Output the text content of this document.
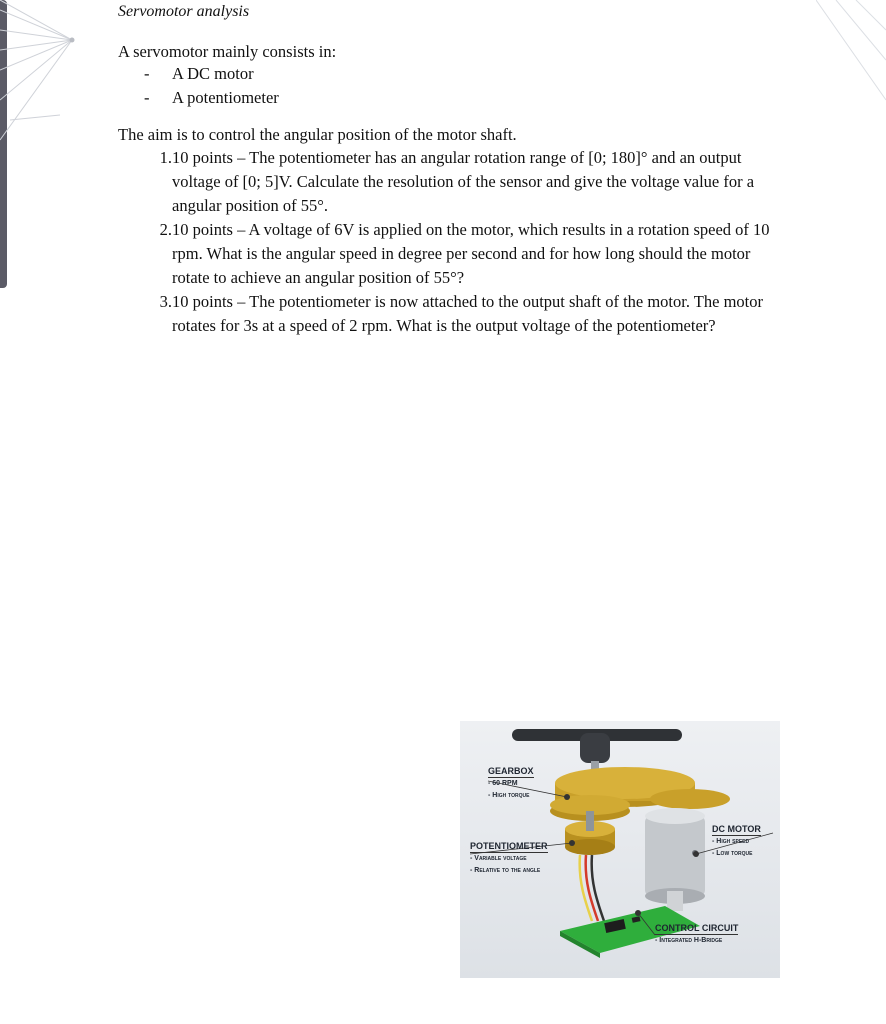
Servomotor analysis
A servomotor mainly consists in:
-	A DC motor
-	A potentiometer
The aim is to control the angular position of the motor shaft.
1. 10 points – The potentiometer has an angular rotation range of [0; 180]° and an output voltage of [0; 5]V. Calculate the resolution of the sensor and give the voltage value for a angular position of 55°.
2. 10 points – A voltage of 6V is applied on the motor, which results in a rotation speed of 10 rpm. What is the angular speed in degree per second and for how long should the motor rotate to achieve an angular position of 55°?
3. 10 points – The potentiometer is now attached to the output shaft of the motor. The motor rotates for 3s at a speed of 2 rpm. What is the output voltage of the potentiometer?
GEARBOX
- 60 RPM
- High torque
POTENTIOMETER
- Variable voltage
- Relative to the angle
DC MOTOR
- High speed
- Low torque
CONTROL CIRCUIT
- Integrated H-Bridge
